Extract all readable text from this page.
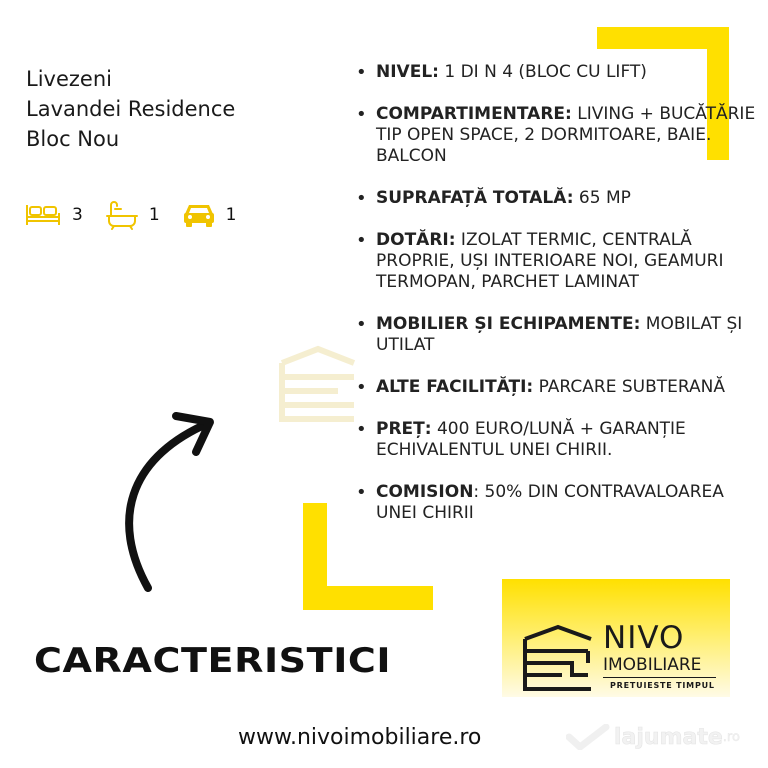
Livezeni
Lavandei Residence
Bloc Nou
3	1	1
• NIVEL: 1 DI N 4 (BLOC CU LIFT)
• COMPARTIMENTARE: LIVING + BUCĂTĂRIE TIP OPEN SPACE, 2 DORMITOARE, BAIE. BALCON
• SUPRAFAȚĂ TOTALĂ: 65 MP
• DOTĂRI: IZOLAT TERMIC, CENTRALĂ PROPRIE, UȘI INTERIOARE NOI, GEAMURI TERMOPAN, PARCHET LAMINAT
• MOBILIER ȘI ECHIPAMENTE: MOBILAT ȘI UTILAT
• ALTE FACILITĂȚI: PARCARE SUBTERANĂ
• PREȚ: 400 EURO/LUNĂ + GARANȚIE ECHIVALENTUL UNEI CHIRII.
• COMISION: 50% DIN CONTRAVALOAREA UNEI CHIRII
CARACTERISTICI
NIVO
IMOBILIARE
PRETUIESTE TIMPUL
www.nivoimobiliare.ro	lajumate .ro
